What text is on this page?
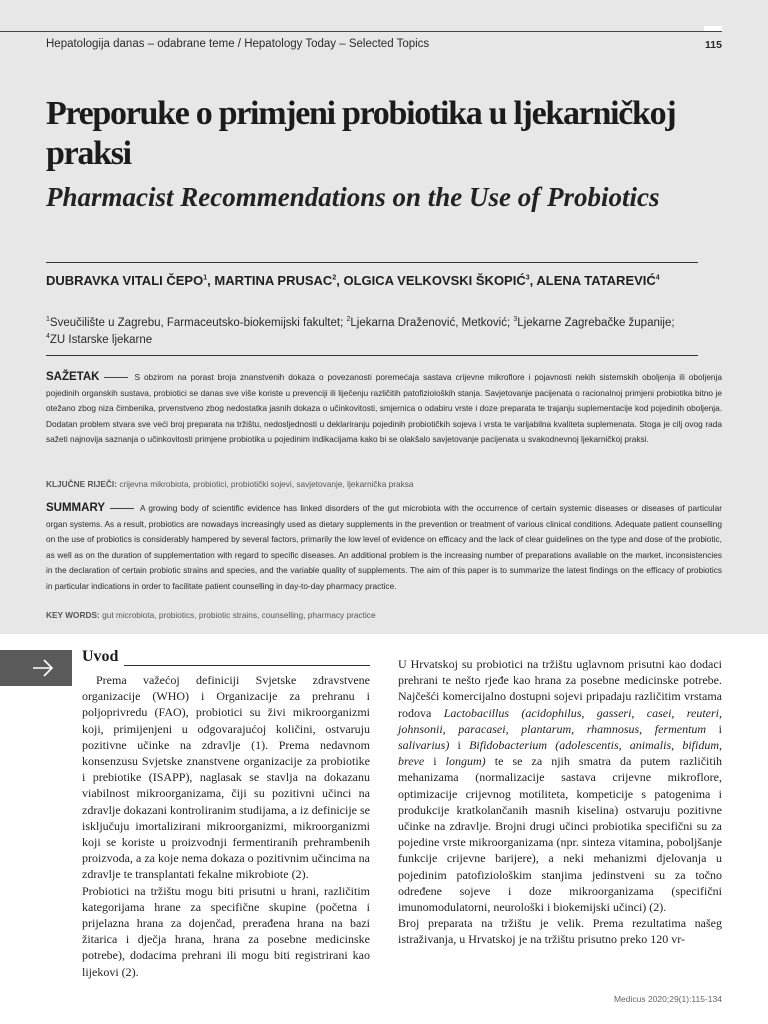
Hepatologija danas – odabrane teme / Hepatology Today – Selected Topics	115
Preporuke o primjeni probiotika u ljekarničkoj praksi
Pharmacist Recommendations on the Use of Probiotics
DUBRAVKA VITALI ČEPO$^1$, MARTINA PRUSAC$^2$, OLGICA VELKOVSKI ŠKOPIĆ$^3$, ALENA TATAREVIĆ$^4$
$^1$Sveučilište u Zagrebu, Farmaceutsko-biokemijski fakultet; $^2$Ljekarna Draženović, Metković; $^3$Ljekarne Zagrebačke županije; $^4$ZU Istarske ljekarne
SAŽETAK	S obzirom na porast broja znanstvenih dokaza o povezanosti poremećaja sastava crijevne mikroflore i pojavnosti nekih sistemskih oboljenja ili oboljenja pojedinih organskih sustava, probiotici se danas sve više koriste u prevenciji ili liječenju različitih patofizioloških stanja. Savjetovanje pacijenata o racionalnoj primjeni probiotika bitno je otežano zbog niza čimbenika, prvenstveno zbog nedostatka jasnih dokaza o učinkovitosti, smjernica o odabiru vrste i doze preparata te trajanju suplementacije kod pojedinih oboljenja. Dodatan problem stvara sve veći broj preparata na tržištu, nedosljednosti u deklariranju pojedinih probiotičkih sojeva i vrsta te varijabilna kvaliteta suplemenata. Stoga je cilj ovog rada sažeti najnovija saznanja o učinkovitosti primjene probiotika u pojedinim indikacijama kako bi se olakšalo savjetovanje pacijenata u svakodnevnoj ljekarničkoj praksi.
KLJUČNE RIJEČI: crijevna mikrobiota, probiotici, probiotički sojevi, savjetovanje, ljekarnička praksa
SUMMARY	A growing body of scientific evidence has linked disorders of the gut microbiota with the occurrence of certain systemic diseases or diseases of particular organ systems. As a result, probiotics are nowadays increasingly used as dietary supplements in the prevention or treatment of various clinical conditions. Adequate patient counselling on the use of probiotics is considerably hampered by several factors, primarily the low level of evidence on efficacy and the lack of clear guidelines on the type and dose of the probiotic, as well as on the duration of supplementation with regard to specific diseases. An additional problem is the increasing number of preparations available on the market, inconsistencies in the declaration of certain probiotic strains and species, and the variable quality of supplements. The aim of this paper is to summarize the latest findings on the efficacy of probiotics in particular indications in order to facilitate patient counselling in day-to-day pharmacy practice.
KEY WORDS: gut microbiota, probiotics, probiotic strains, counselling, pharmacy practice
Uvod

Prema važećoj definiciji Svjetske zdravstvene organizacije (WHO) i Organizacije za prehranu i poljoprivredu (FAO), probiotici su živi mikroorganizmi koji, primijenjeni u odgovarajućoj količini, ostvaruju pozitivne učinke na zdravlje (1). Prema nedavnom konsenzusu Svjetske znanstvene organizacije za probiotike i prebiotike (ISAPP), naglasak se stavlja na dokazanu viabilnost mikroorganizama, čiji su pozitivni učinci na zdravlje dokazani kontroliranim studijama, a iz definicije se isključuju imortalizirani mikroorganizmi, mikroorganizmi koji se koriste u proizvodnji fermentiranih prehrambenih proizvoda, a za koje nema dokaza o pozitivnim učincima na zdravlje te transplantati fekalne mikrobiote (2).

Probiotici na tržištu mogu biti prisutni u hrani, različitim kategorijama hrane za specifične skupine (početna i prijelazna hrana za dojenčad, prerađena hrana na bazi žitarica i dječja hrana, hrana za posebne medicinske potrebe), dodacima prehrani ili mogu biti registrirani kao lijekovi (2).

U Hrvatskoj su probiotici na tržištu uglavnom prisutni kao dodaci prehrani te nešto rjeđe kao hrana za posebne medicinske potrebe. Najčešći komercijalno dostupni sojevi pripadaju različitim vrstama rodova Lactobacillus (acidophilus, gasseri, casei, reuteri, johnsonii, paracasei, plantarum, rhamnosus, fermentum i salivarius) i Bifidobacterium (adolescentis, animalis, bifidum, breve i longum) te se za njih smatra da putem različitih mehanizama (normalizacije sastava crijevne mikroflore, optimizacije crijevnog motiliteta, kompeticije s patogenima i produkcije kratkolančanih masnih kiselina) ostvaruju pozitivne učinke na zdravlje. Brojni drugi učinci probiotika specifični su za pojedine vrste mikroorganizama (npr. sinteza vitamina, poboljšanje funkcije crijevne barijere), a neki mehanizmi djelovanja u pojedinim patofiziološkim stanjima jedinstveni su za točno određene sojeve i doze mikroorganizama (specifični imunomodulatorni, neurološki i biokemijski učinci) (2).

Broj preparata na tržištu je velik. Prema rezultatima našeg istraživanja, u Hrvatskoj je na tržištu prisutno preko 120 vr-

Medicus 2020;29(1):115-134
